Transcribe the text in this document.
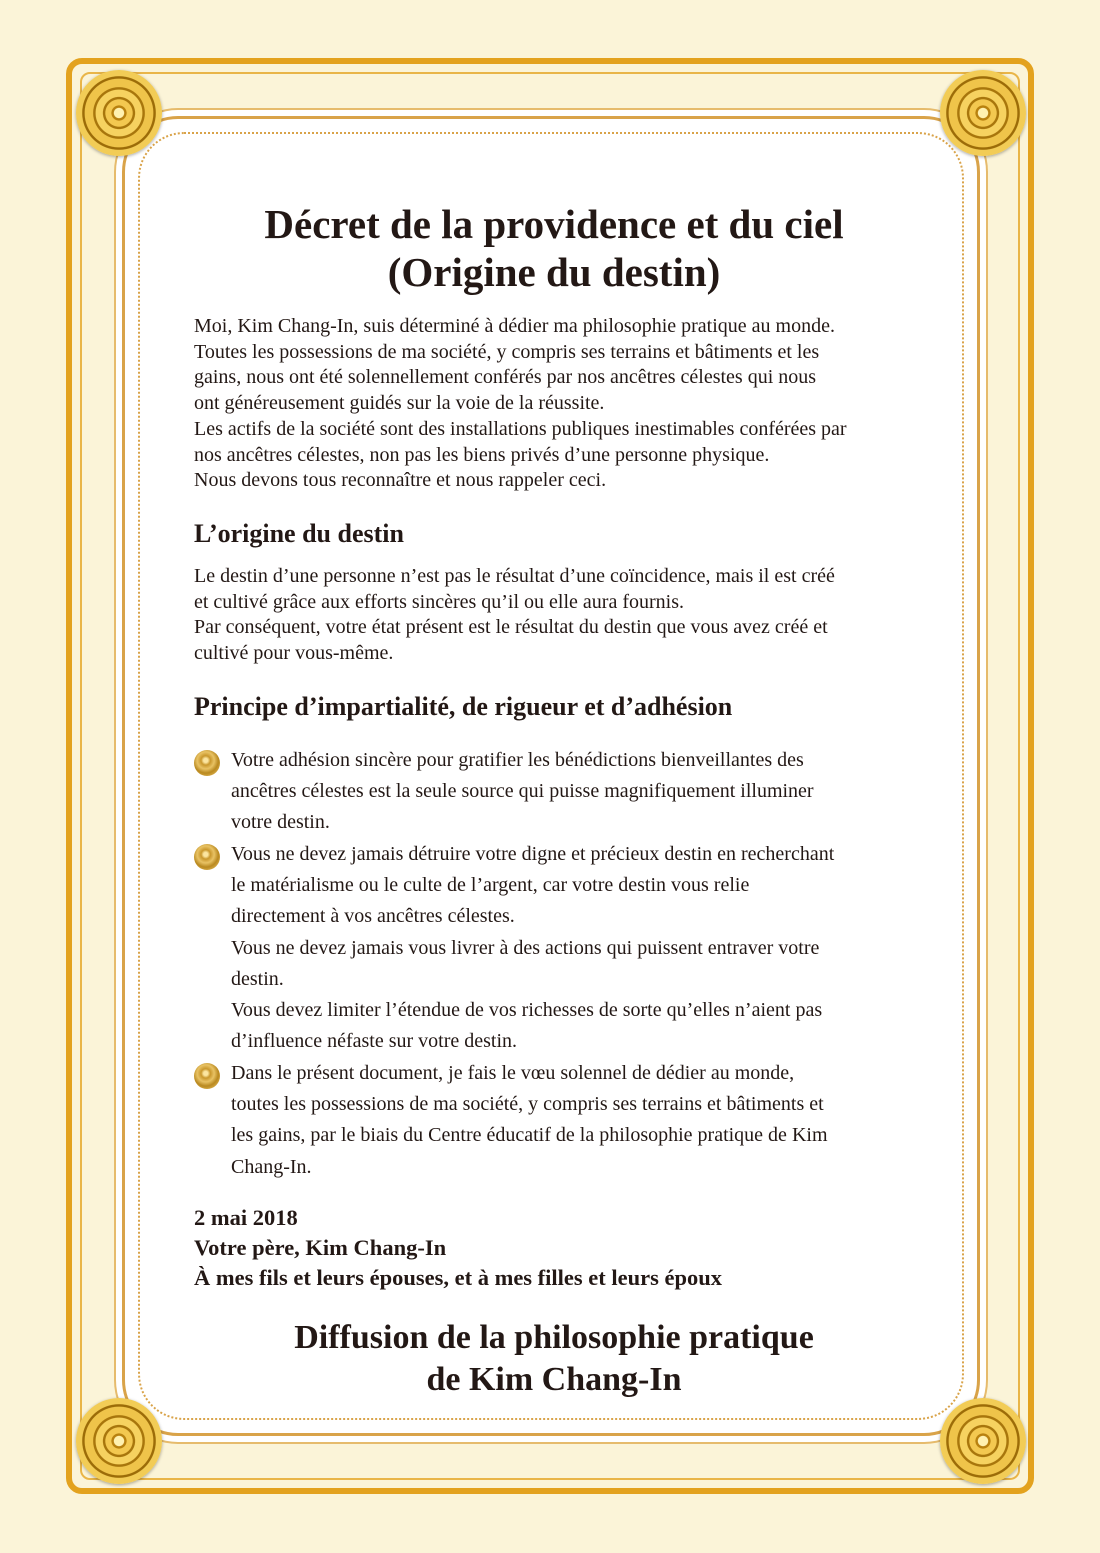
Décret de la providence et du ciel
(Origine du destin)

Moi, Kim Chang-In, suis déterminé à dédier ma philosophie pratique au monde.
Toutes les possessions de ma société, y compris ses terrains et bâtiments et les
gains, nous ont été solennellement conférés par nos ancêtres célestes qui nous
ont généreusement guidés sur la voie de la réussite.
Les actifs de la société sont des installations publiques inestimables conférées par
nos ancêtres célestes, non pas les biens privés d’une personne physique.
Nous devons tous reconnaître et nous rappeler ceci.

L’origine du destin

Le destin d’une personne n’est pas le résultat d’une coïncidence, mais il est créé
et cultivé grâce aux efforts sincères qu’il ou elle aura fournis.
Par conséquent, votre état présent est le résultat du destin que vous avez créé et
cultivé pour vous-même.

Principe d’impartialité, de rigueur et d’adhésion
Votre adhésion sincère pour gratifier les bénédictions bienveillantes des
ancêtres célestes est la seule source qui puisse magnifiquement illuminer
votre destin.
Vous ne devez jamais détruire votre digne et précieux destin en recherchant
le matérialisme ou le culte de l’argent, car votre destin vous relie
directement à vos ancêtres célestes.
Vous ne devez jamais vous livrer à des actions qui puissent entraver votre
destin.
Vous devez limiter l’étendue de vos richesses de sorte qu’elles n’aient pas
d’influence néfaste sur votre destin.
Dans le présent document, je fais le vœu solennel de dédier au monde,
toutes les possessions de ma société, y compris ses terrains et bâtiments et
les gains, par le biais du Centre éducatif de la philosophie pratique de Kim
Chang-In.
2 mai 2018
Votre père, Kim Chang-In
À mes fils et leurs épouses, et à mes filles et leurs époux
Diffusion de la philosophie pratique
de Kim Chang-In
